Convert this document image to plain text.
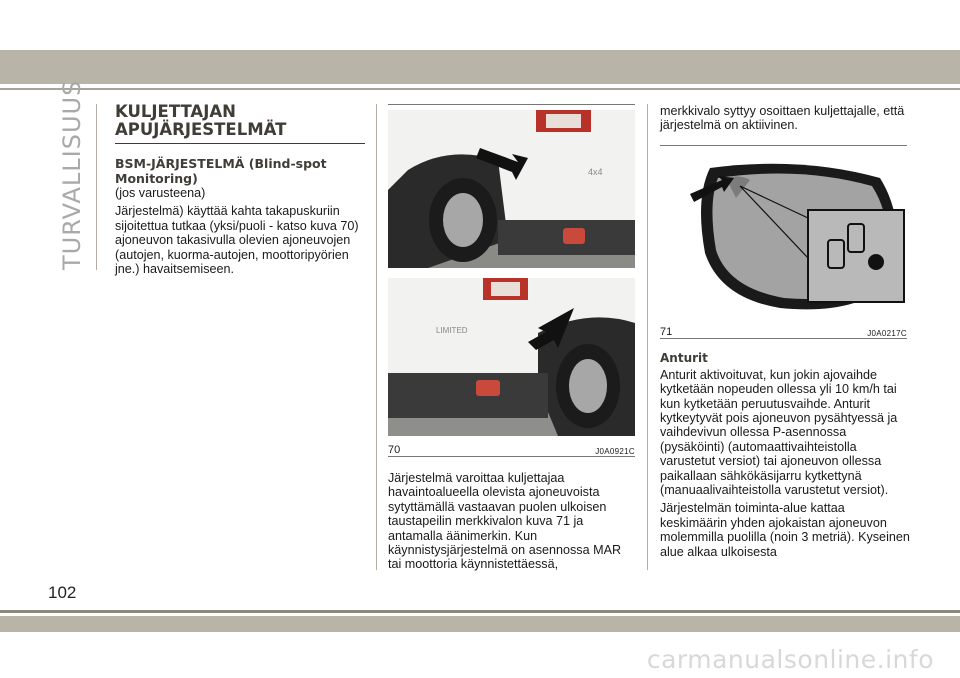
TURVALLISUUS	KULJETTAJAN
APUJÄRJESTELMÄT
BSM-JÄRJESTELMÄ (Blind-spot
Monitoring)

(jos varusteena)

Järjestelmä) käyttää kahta takapuskuriin sijoitettua tutkaa (yksi/puoli - katso kuva 70) ajoneuvon takasivulla olevien ajoneuvojen (autojen, kuorma-autojen, moottoripyörien jne.) havaitsemiseen.

4x4
LIMITED
70	J0A0921C

Järjestelmä varoittaa kuljettajaa havaintoalueella olevista ajoneuvoista sytyttämällä vastaavan puolen ulkoisen taustapeilin merkkivalon kuva 71 ja antamalla äänimerkin. Kun käynnistysjärjestelmä on asennossa MAR tai moottoria käynnistettäessä,

merkkivalo syttyy osoittaen kuljettajalle, että järjestelmä on aktiivinen.

71	J0A0217C
Anturit

Anturit aktivoituvat, kun jokin ajovaihde kytketään nopeuden ollessa yli 10 km/h tai kun kytketään peruutusvaihde. Anturit kytkeytyvät pois ajoneuvon pysähtyessä ja vaihdevivun ollessa P-asennossa (pysäköinti) (automaattivaihteistolla varustetut versiot) tai ajoneuvon ollessa paikallaan sähkökäsijarru kytkettynä (manuaalivaihteistolla varustetut versiot).

Järjestelmän toiminta-alue kattaa keskimäärin yhden ajokaistan ajoneuvon molemmilla puolilla (noin 3 metriä). Kyseinen alue alkaa ulkoisesta

102
carmanualsonline.info
